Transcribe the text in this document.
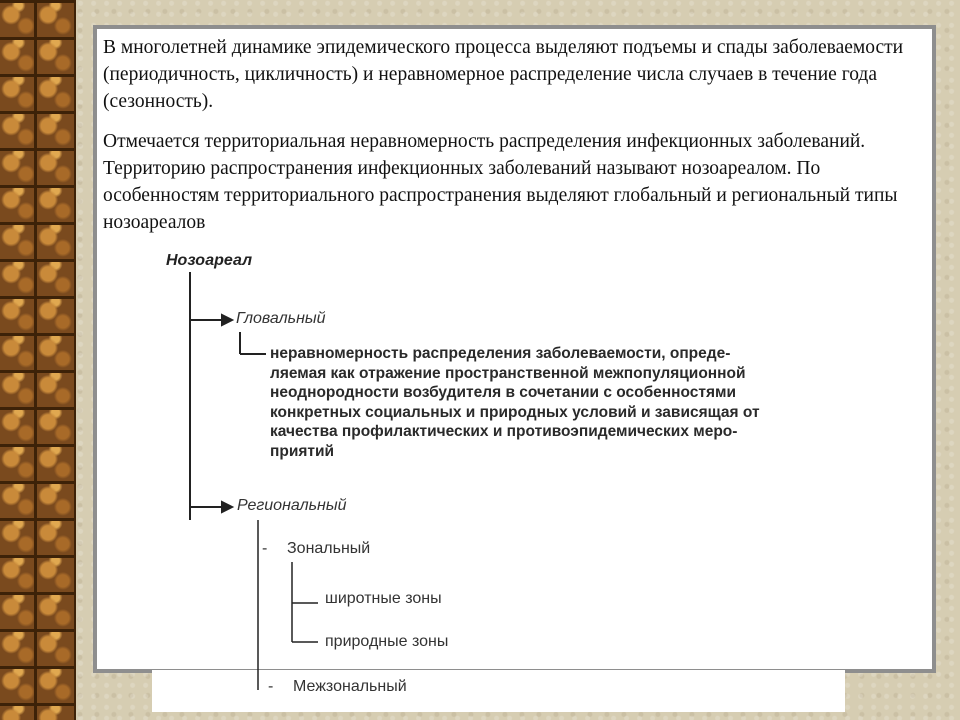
В многолетней динамике эпидемического процесса выделяют подъемы и спады заболеваемости (периодичность, цикличность) и неравномерное распределение числа случаев в течение года (сезонность).

Отмечается территориальная неравномерность распределения инфекционных заболеваний. Территорию распространения инфекционных заболеваний называют нозоареалом. По особенностям территориального распространения выделяют глобальный и региональный типы нозоареалов

Нозоареал
Гловальный
неравномерность распределения заболеваемости, опреде-
ляемая как отражение пространственной межпопуляционной
неоднородности возбудителя в сочетании с особенностями
конкретных социальных и природных условий и зависящая от
качества профилактических и противоэпидемических меро-
приятий
Региональный
- Зональный
широтные зоны
природные зоны
- Межзональный
